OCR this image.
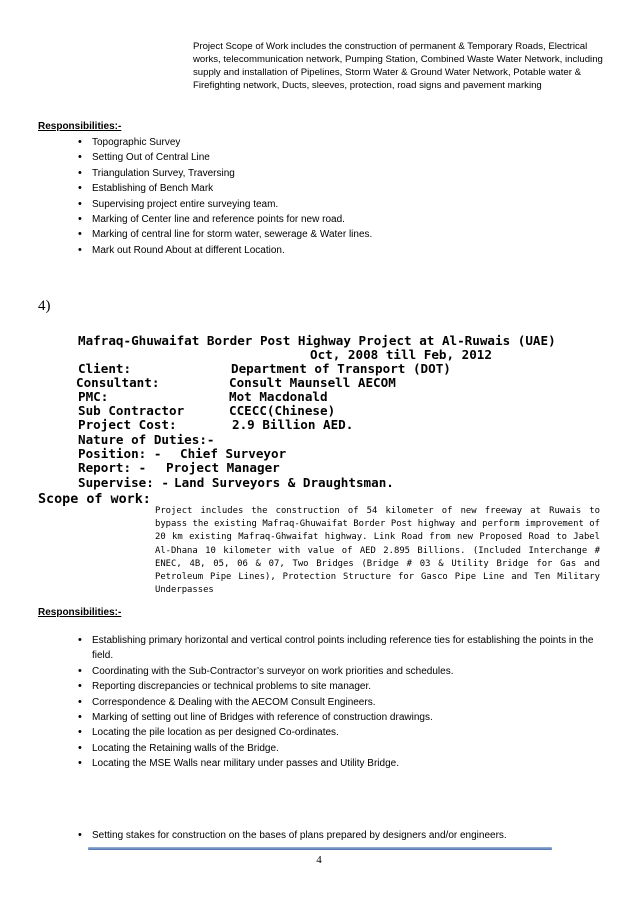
Project Scope of Work includes the construction of permanent & Temporary Roads, Electrical works, telecommunication network, Pumping Station, Combined Waste Water Network, including supply and installation of Pipelines, Storm Water & Ground Water Network, Potable water & Firefighting network, Ducts, sleeves, protection, road signs and pavement marking
Responsibilities:-
• Topographic Survey
• Setting Out of Central Line
• Triangulation Survey, Traversing
• Establishing of Bench Mark
• Supervising project entire surveying team.
• Marking of Center line and reference points for new road.
• Marking of central line for storm water, sewerage & Water lines.
• Mark out Round About at different Location.
4)
Mafraq-Ghuwaifat Border Post Highway Project at Al-Ruwais (UAE)
Oct, 2008 till Feb, 2012
Client:	Department of Transport (DOT)
Consultant:	Consult Maunsell AECOM
PMC:	Mot Macdonald
Sub Contractor	CCECC(Chinese)
Project Cost:	2.9 Billion AED.
Nature of Duties:-
Position: - Chief Surveyor
Report: - Project Manager
Supervise: - Land Surveyors & Draughtsman.
Scope of work:
Project includes the construction of 54 kilometer of new freeway at Ruwais to bypass the existing Mafraq-Ghuwaifat Border Post highway and perform improvement of 20 km existing Mafraq-Ghwaifat highway. Link Road from new Proposed Road to Jabel Al-Dhana 10 kilometer with value of AED 2.895 Billions. (Included Interchange # ENEC, 4B, 05, 06 & 07, Two Bridges (Bridge # 03 & Utility Bridge for Gas and Petroleum Pipe Lines), Protection Structure for Gasco Pipe Line and Ten Military Underpasses
Responsibilities:-
• Establishing primary horizontal and vertical control points including reference ties for establishing the points in the field.
• Coordinating with the Sub-Contractor’s surveyor on work priorities and schedules.
• Reporting discrepancies or technical problems to site manager.
• Correspondence & Dealing with the AECOM Consult Engineers.
• Marking of setting out line of Bridges with reference of construction drawings.
• Locating the pile location as per designed Co-ordinates.
• Locating the Retaining walls of the Bridge.
• Locating the MSE Walls near military under passes and Utility Bridge.
• Setting stakes for construction on the bases of plans prepared by designers and/or engineers.
4
